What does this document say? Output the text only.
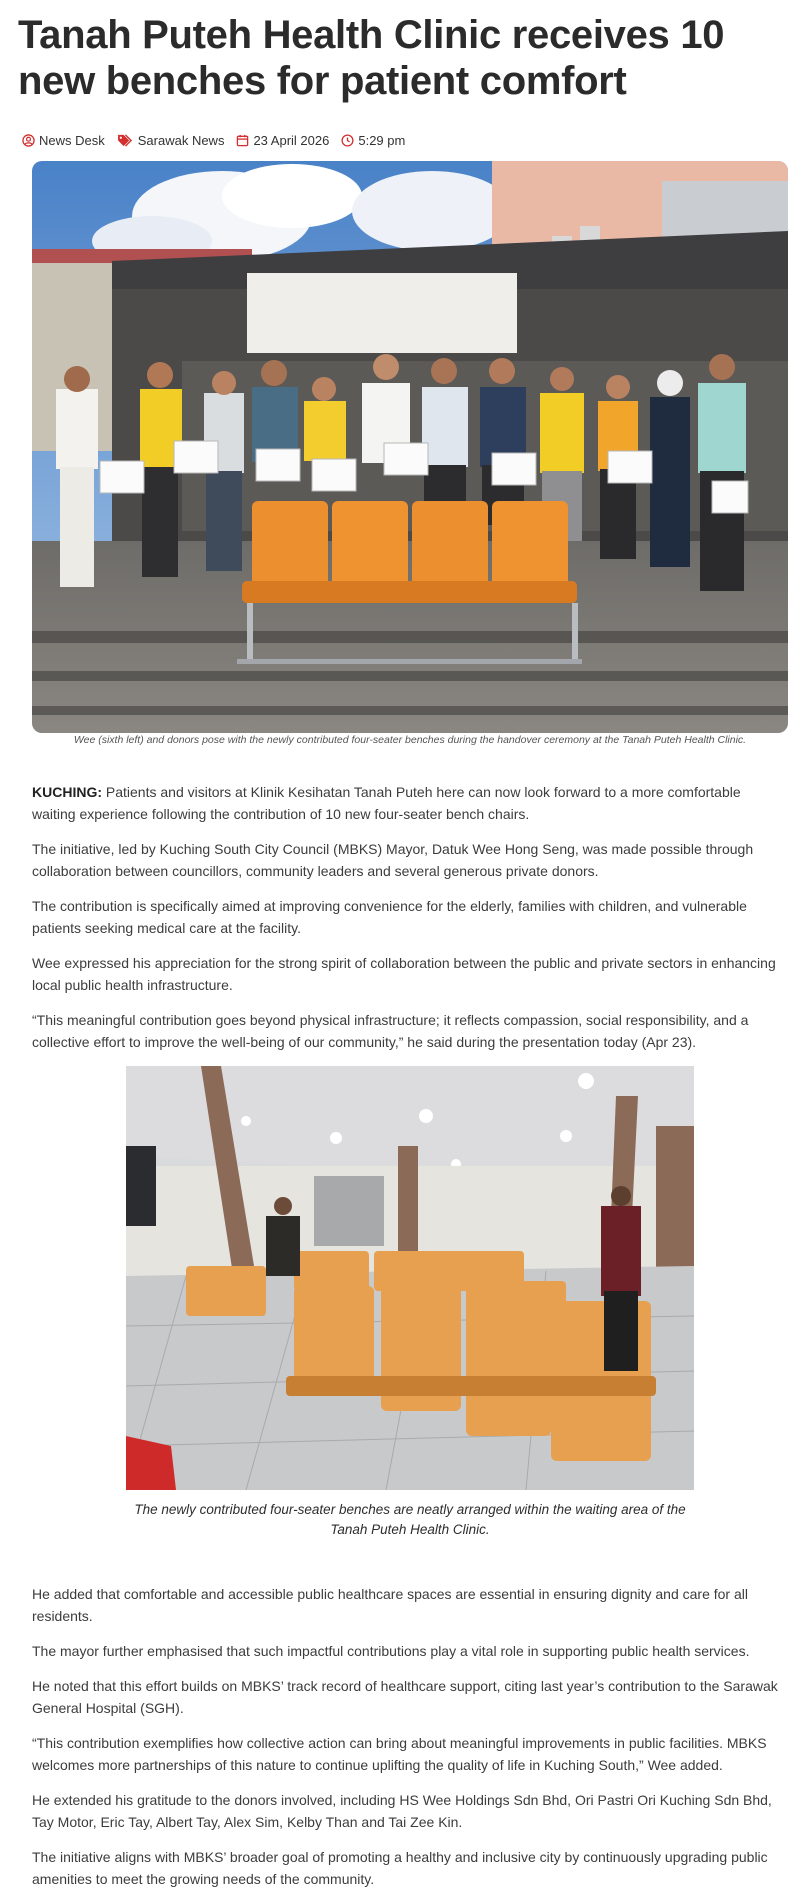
Tanah Puteh Health Clinic receives 10 new benches for patient comfort
News Desk	Sarawak News 23 April 2026 5:29 pm
Wee (sixth left) and donors pose with the newly contributed four-seater benches during the handover ceremony at the Tanah Puteh Health Clinic.

KUCHING: Patients and visitors at Klinik Kesihatan Tanah Puteh here can now look forward to a more comfortable waiting experience following the contribution of 10 new four-seater bench chairs.

The initiative, led by Kuching South City Council (MBKS) Mayor, Datuk Wee Hong Seng, was made possible through collaboration between councillors, community leaders and several generous private donors.

The contribution is specifically aimed at improving convenience for the elderly, families with children, and vulnerable patients seeking medical care at the facility.

Wee expressed his appreciation for the strong spirit of collaboration between the public and private sectors in enhancing local public health infrastructure.

“This meaningful contribution goes beyond physical infrastructure; it reflects compassion, social responsibility, and a collective effort to improve the well-being of our community,” he said during the presentation today (Apr 23).

The newly contributed four-seater benches are neatly arranged within the waiting area of the Tanah Puteh Health Clinic.

He added that comfortable and accessible public healthcare spaces are essential in ensuring dignity and care for all residents.

The mayor further emphasised that such impactful contributions play a vital role in supporting public health services.

He noted that this effort builds on MBKS’ track record of healthcare support, citing last year’s contribution to the Sarawak General Hospital (SGH).

“This contribution exemplifies how collective action can bring about meaningful improvements in public facilities. MBKS welcomes more partnerships of this nature to continue uplifting the quality of life in Kuching South,” Wee added.

He extended his gratitude to the donors involved, including HS Wee Holdings Sdn Bhd, Ori Pastri Ori Kuching Sdn Bhd, Tay Motor, Eric Tay, Albert Tay, Alex Sim, Kelby Than and Tai Zee Kin.

The initiative aligns with MBKS’ broader goal of promoting a healthy and inclusive city by continuously upgrading public amenities to meet the growing needs of the community.
